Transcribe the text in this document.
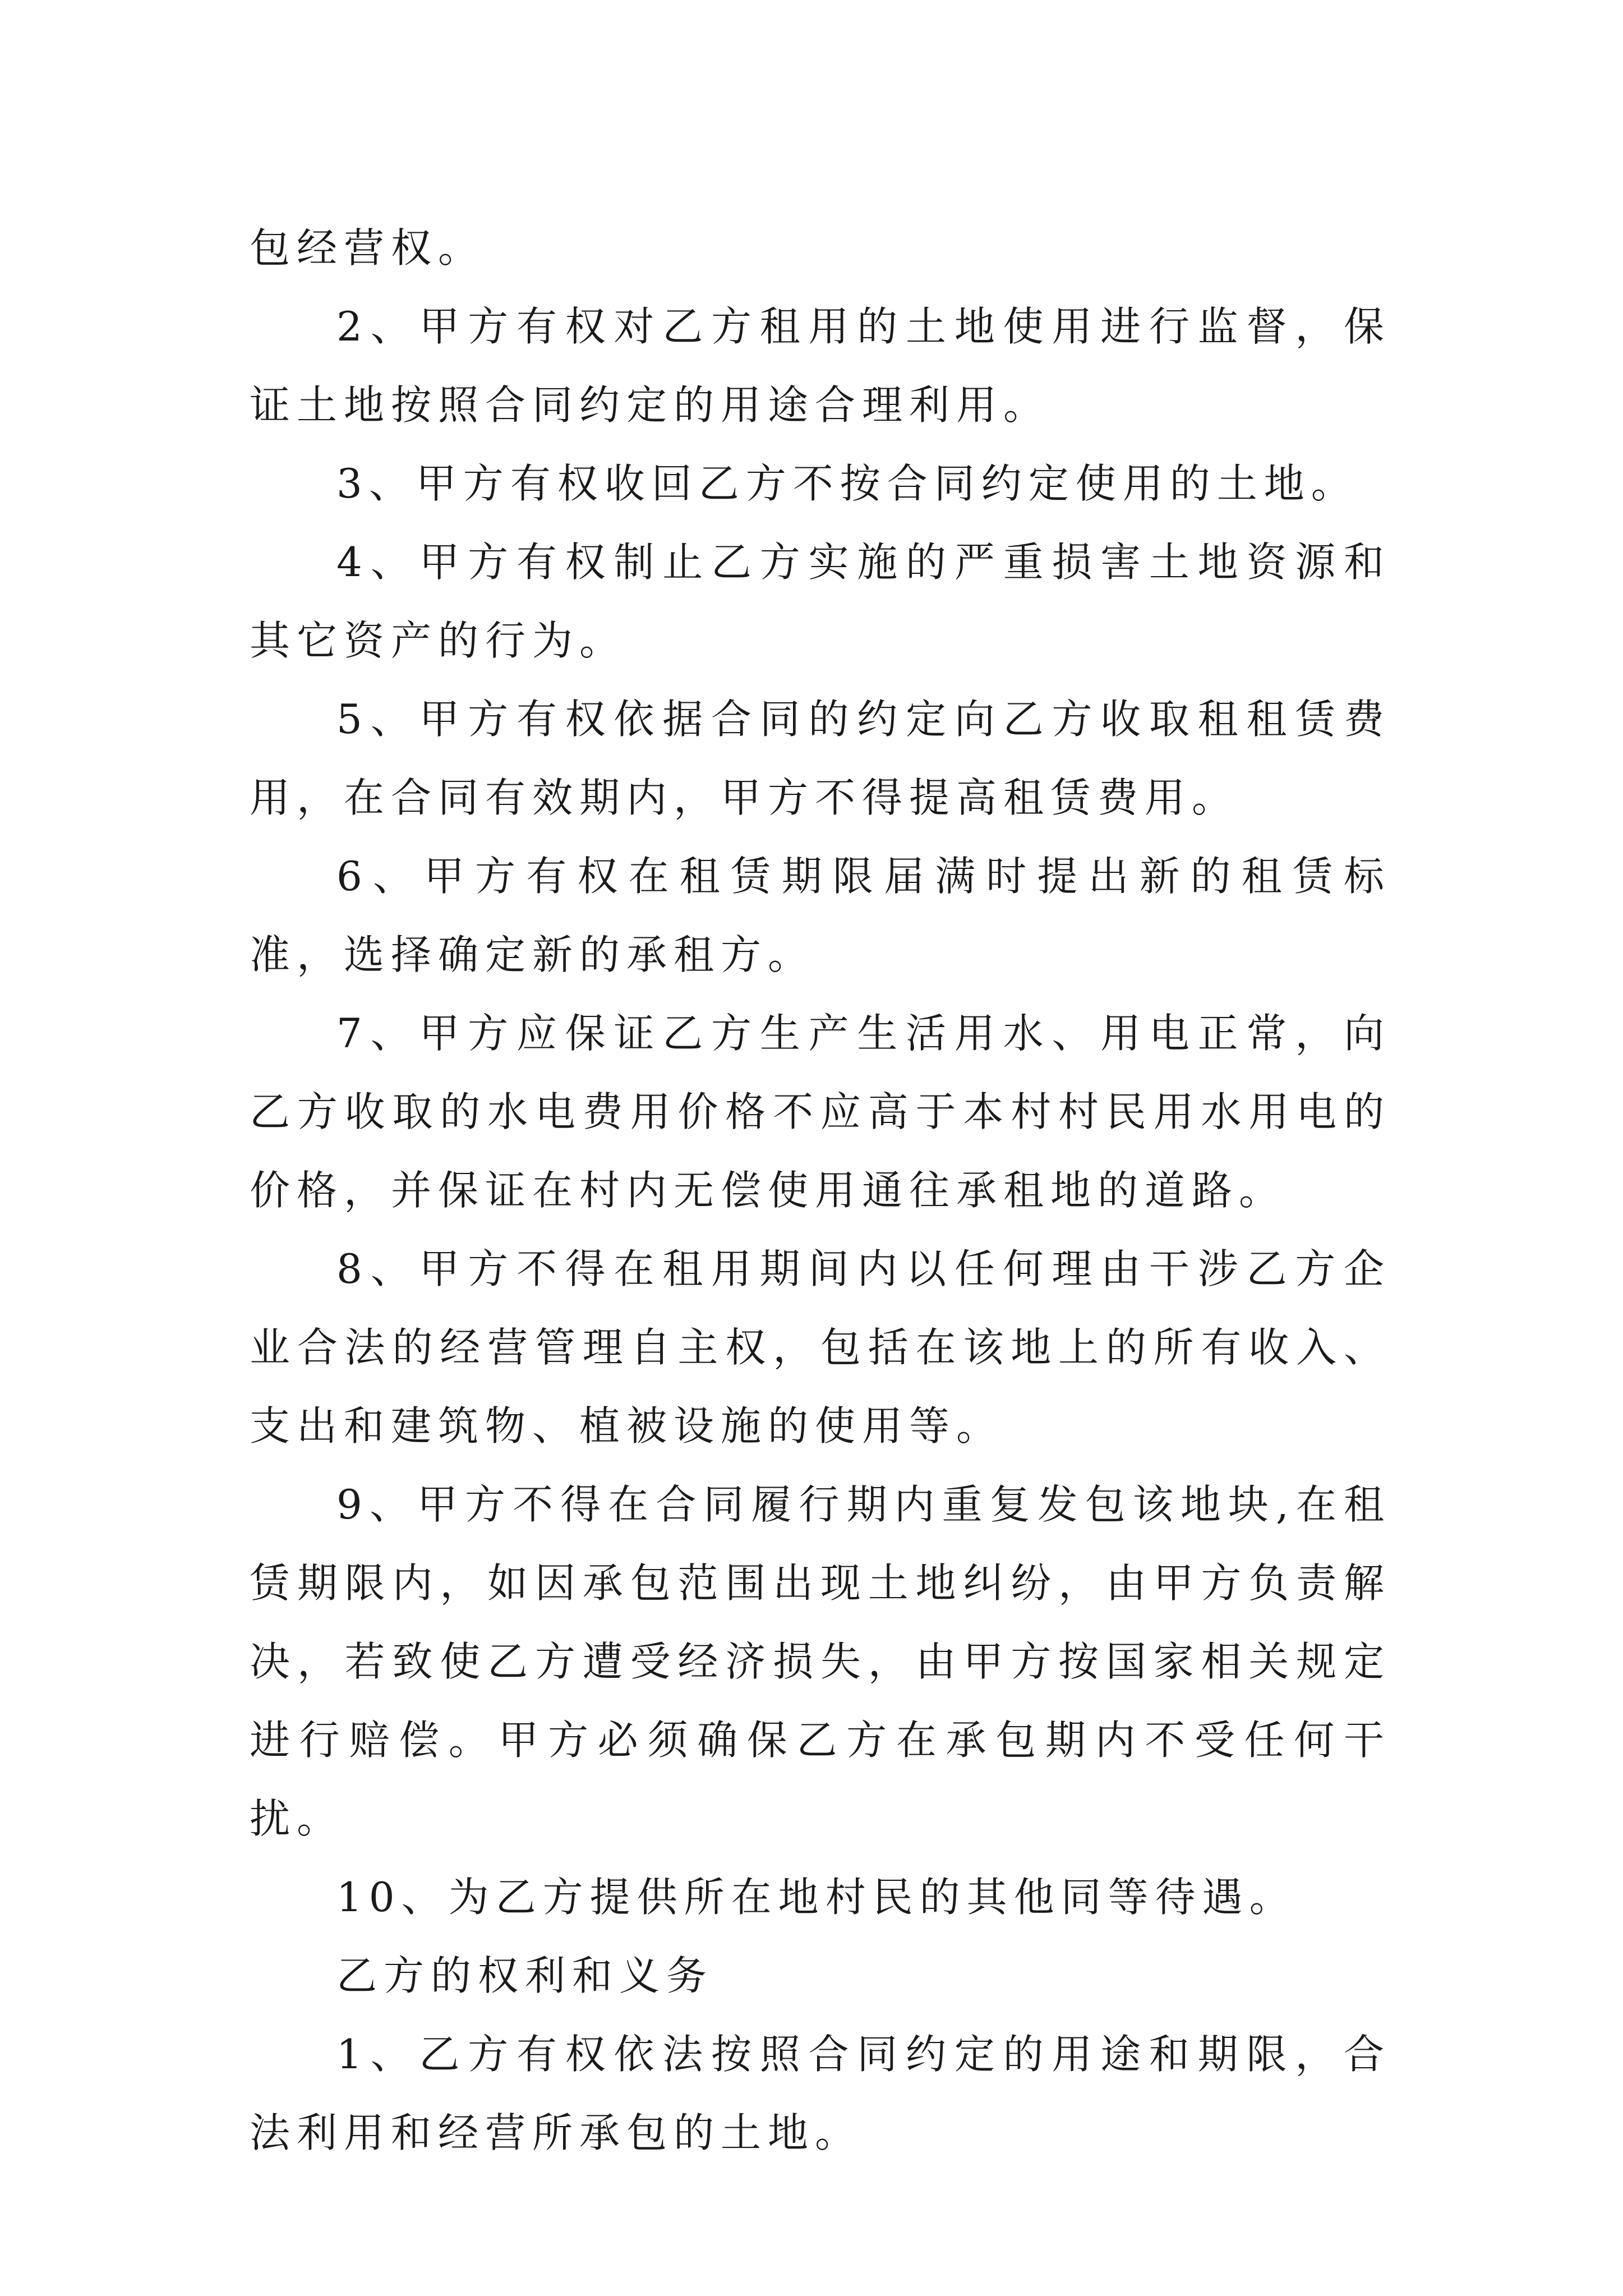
包经营权。

2、甲方有权对乙方租用的土地使用进行监督，保证土地按照合同约定的用途合理利用。

3、甲方有权收回乙方不按合同约定使用的土地。

4、甲方有权制止乙方实施的严重损害土地资源和其它资产的行为。

5、甲方有权依据合同的约定向乙方收取租租赁费用，在合同有效期内，甲方不得提高租赁费用。

6、甲方有权在租赁期限届满时提出新的租赁标准，选择确定新的承租方。

7、甲方应保证乙方生产生活用水、用电正常，向乙方收取的水电费用价格不应高于本村村民用水用电的价格，并保证在村内无偿使用通往承租地的道路。

8、甲方不得在租用期间内以任何理由干涉乙方企业合法的经营管理自主权，包括在该地上的所有收入、支出和建筑物、植被设施的使用等。

9、甲方不得在合同履行期内重复发包该地块,在租赁期限内，如因承包范围出现土地纠纷，由甲方负责解决，若致使乙方遭受经济损失，由甲方按国家相关规定进行赔偿。甲方必须确保乙方在承包期内不受任何干扰。

10、为乙方提供所在地村民的其他同等待遇。

乙方的权利和义务

1、乙方有权依法按照合同约定的用途和期限，合法利用和经营所承包的土地。
